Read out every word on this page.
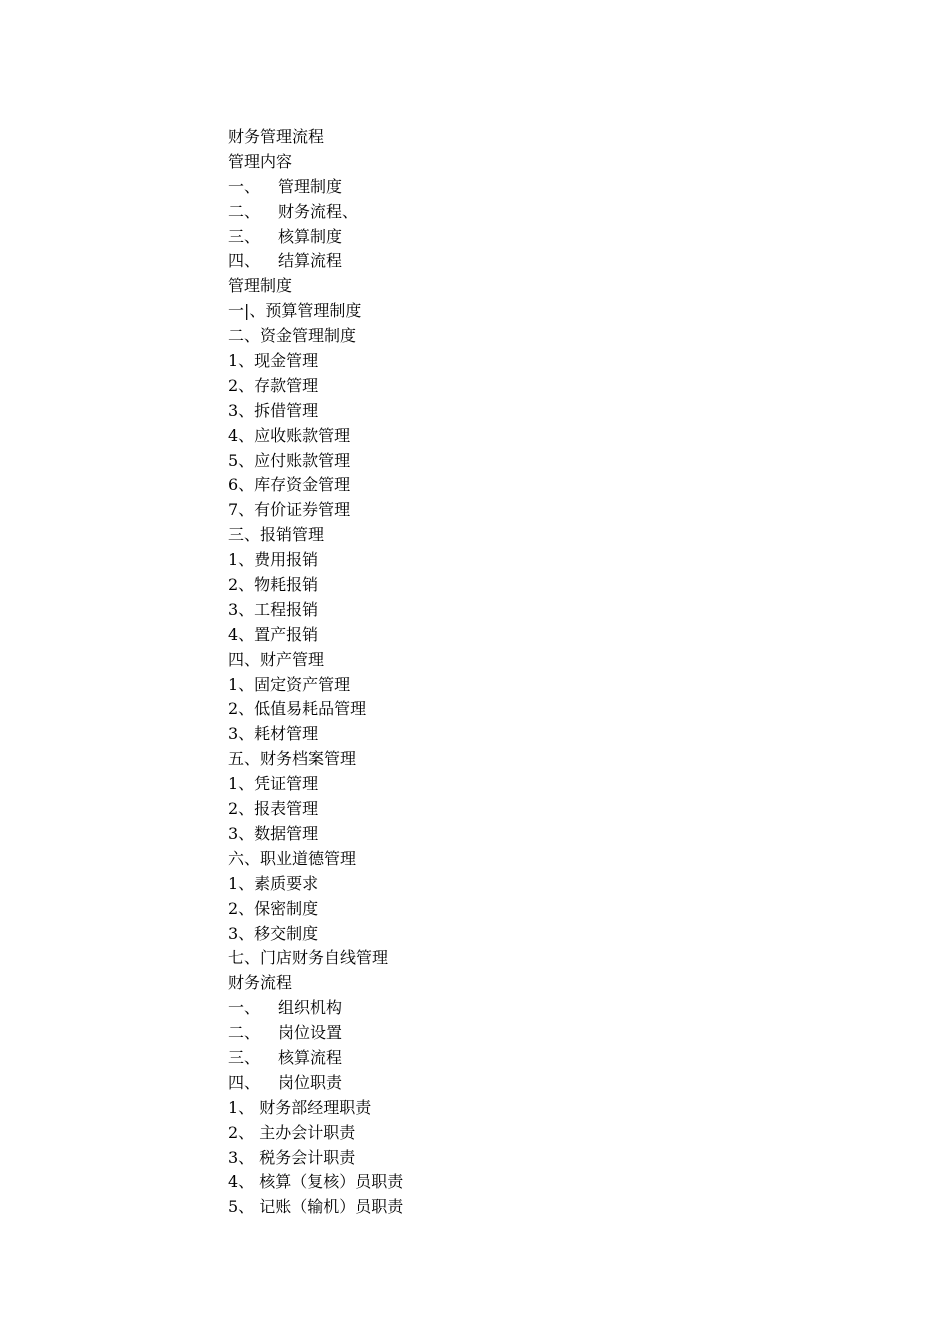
财务管理流程
管理内容
一、 管理制度
二、 财务流程、
三、 核算制度
四、 结算流程
管理制度
一|、预算管理制度
二、资金管理制度
1、现金管理
2、存款管理
3、拆借管理
4、应收账款管理
5、应付账款管理
6、库存资金管理
7、有价证券管理
三、报销管理
1、费用报销
2、物耗报销
3、工程报销
4、置产报销
四、财产管理
1、固定资产管理
2、低值易耗品管理
3、耗材管理
五、财务档案管理
1、凭证管理
2、报表管理
3、数据管理
六、职业道德管理
1、素质要求
2、保密制度
3、移交制度
七、门店财务自线管理
财务流程
一、 组织机构
二、 岗位设置
三、 核算流程
四、 岗位职责
1、 财务部经理职责
2、 主办会计职责
3、 税务会计职责
4、 核算（复核）员职责
5、 记账（输机）员职责
